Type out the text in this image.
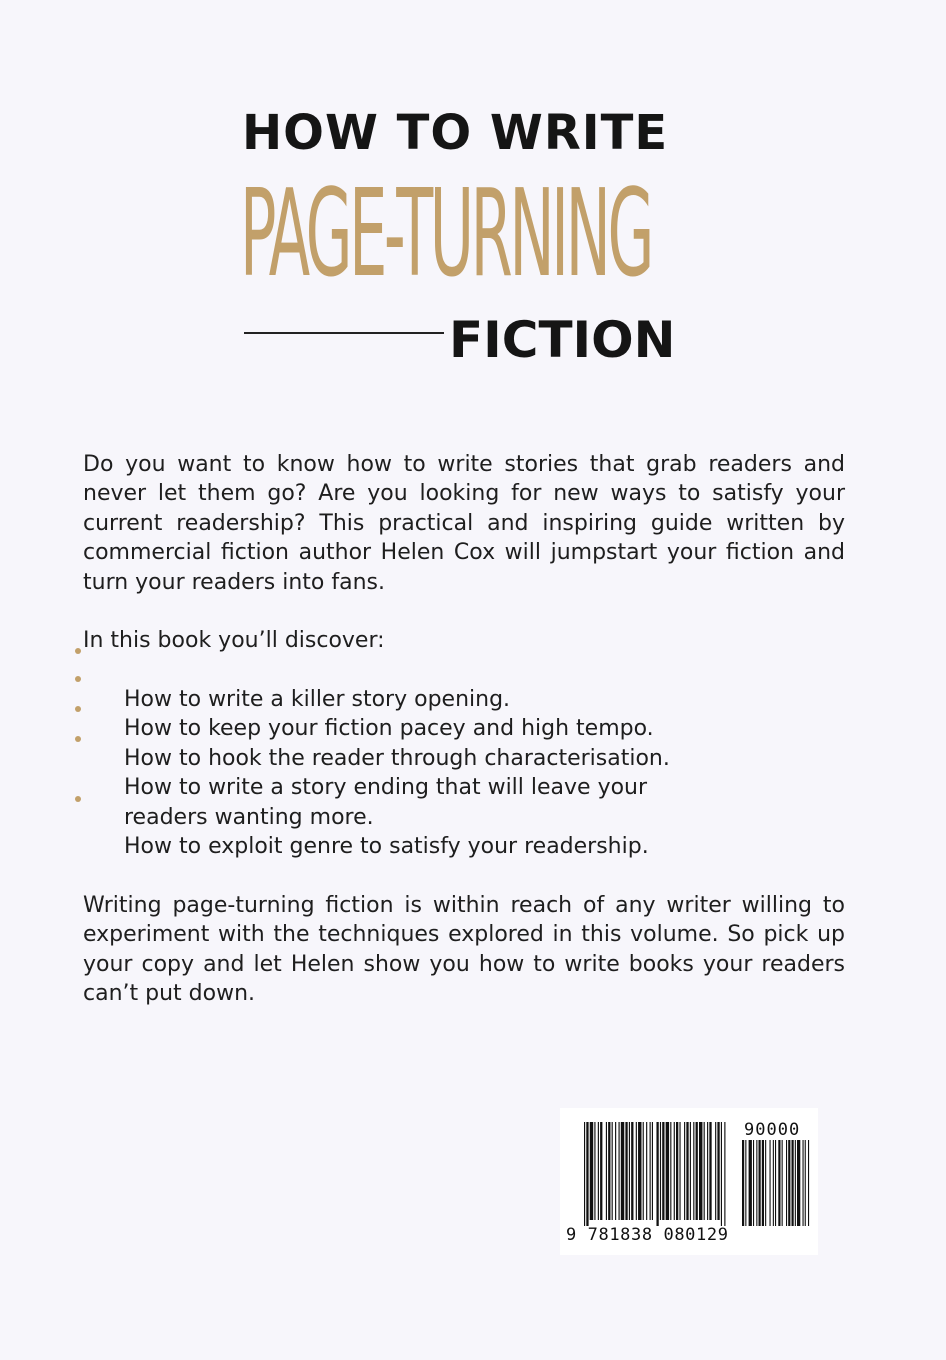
HOW TO WRITE
PAGE-TURNING
FICTION

Do you want to know how to write stories that grab readers and never let them go? Are you looking for new ways to satisfy your current readership? This practical and inspiring guide written by commercial fiction author Helen Cox will jumpstart your fiction and turn your readers into fans.

In this book you’ll discover:

How to write a killer story opening.
How to keep your fiction pacey and high tempo.
How to hook the reader through characterisation.
How to write a story ending that will leave your
readers wanting more.
How to exploit genre to satisfy your readership.

Writing page-turning fiction is within reach of any writer willing to experiment with the techniques explored in this volume. So pick up your copy and let Helen show you how to write books your readers can’t put down.

90000
9 781838 080129
